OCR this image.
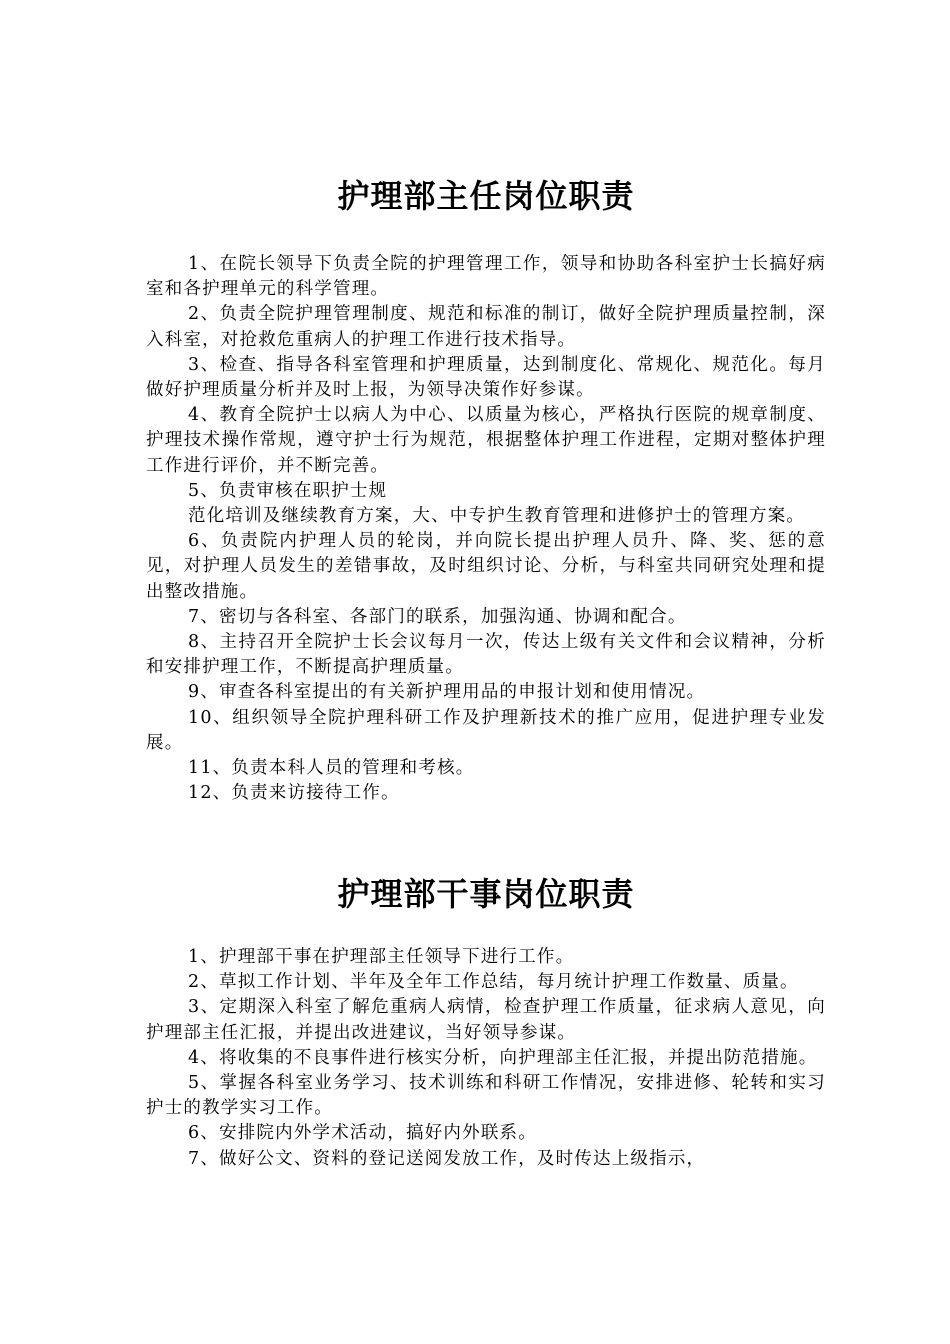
护理部主任岗位职责

1、在院长领导下负责全院的护理管理工作，领导和协助各科室护士长搞好病室和各护理单元的科学管理。

2、负责全院护理管理制度、规范和标准的制订，做好全院护理质量控制，深入科室，对抢救危重病人的护理工作进行技术指导。

3、检查、指导各科室管理和护理质量，达到制度化、常规化、规范化。每月做好护理质量分析并及时上报，为领导决策作好参谋。

4、教育全院护士以病人为中心、以质量为核心，严格执行医院的规章制度、护理技术操作常规，遵守护士行为规范，根据整体护理工作进程，定期对整体护理工作进行评价，并不断完善。

5、负责审核在职护士规

范化培训及继续教育方案，大、中专护生教育管理和进修护士的管理方案。

6、负责院内护理人员的轮岗，并向院长提出护理人员升、降、奖、惩的意见，对护理人员发生的差错事故，及时组织讨论、分析，与科室共同研究处理和提出整改措施。

7、密切与各科室、各部门的联系，加强沟通、协调和配合。

8、主持召开全院护士长会议每月一次，传达上级有关文件和会议精神，分析和安排护理工作，不断提高护理质量。

9、审查各科室提出的有关新护理用品的申报计划和使用情况。

10、组织领导全院护理科研工作及护理新技术的推广应用，促进护理专业发展。

11、负责本科人员的管理和考核。

12、负责来访接待工作。

护理部干事岗位职责

1、护理部干事在护理部主任领导下进行工作。

2、草拟工作计划、半年及全年工作总结，每月统计护理工作数量、质量。

3、定期深入科室了解危重病人病情，检查护理工作质量，征求病人意见，向护理部主任汇报，并提出改进建议，当好领导参谋。

4、将收集的不良事件进行核实分析，向护理部主任汇报，并提出防范措施。

5、掌握各科室业务学习、技术训练和科研工作情况，安排进修、轮转和实习护士的教学实习工作。

6、安排院内外学术活动，搞好内外联系。

7、做好公文、资料的登记送阅发放工作，及时传达上级指示，
